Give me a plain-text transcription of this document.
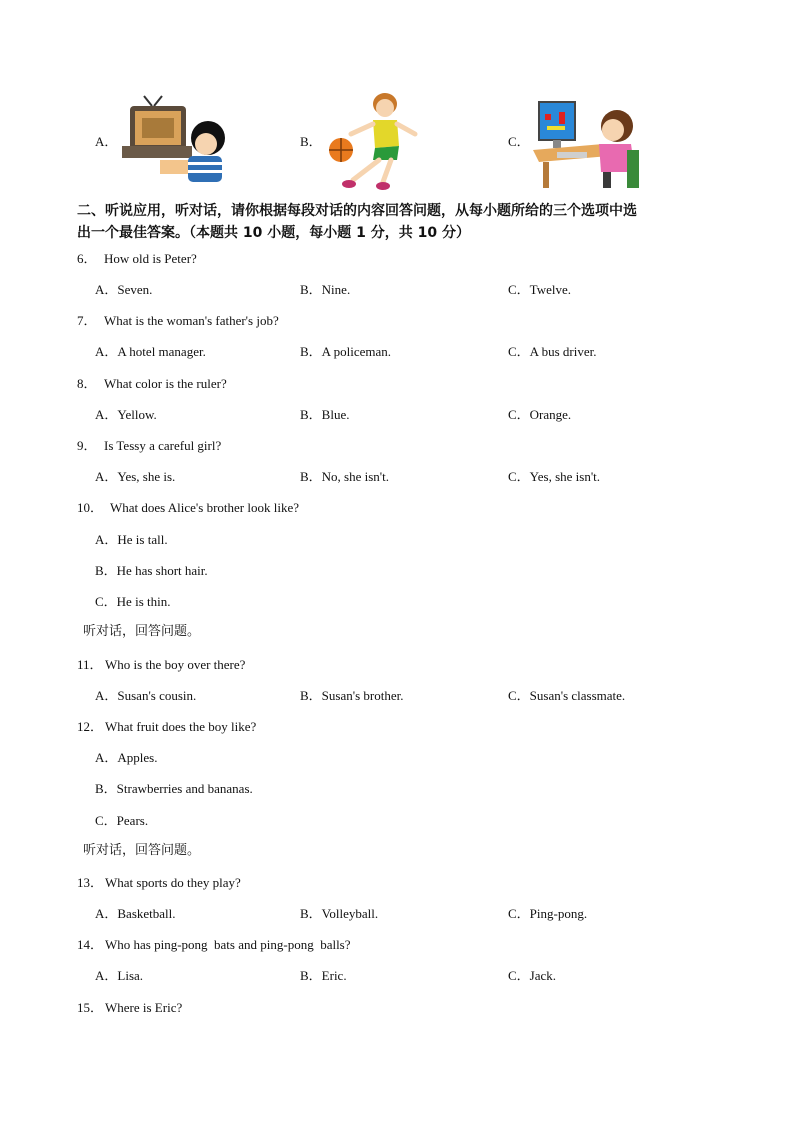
A．	B．	C．
二、听说应用，听对话，请你根据每段对话的内容回答问题，从每小题所给的三个选项中选
出一个最佳答案。（本题共 10 小题，每小题 1 分，共 10 分）
6． How old is Peter?
A．Seven.	B．Nine.	C．Twelve.
7． What is the woman's father's job?
A．A hotel manager.	B．A policeman.	C．A bus driver.
8． What color is the ruler?
A．Yellow.	B．Blue.	C．Orange.
9． Is Tessy a careful girl?
A．Yes, she is.	B．No, she isn't.	C．Yes, she isn't.
10． What does Alice's brother look like?
A．He is tall.
B．He has short hair.
C．He is thin.
听对话，回答问题。
11． Who is the boy over there?
A．Susan's cousin.	B．Susan's brother.	C．Susan's classmate.
12． What fruit does the boy like?
A．Apples.
B．Strawberries and bananas.
C．Pears.
听对话，回答问题。
13． What sports do they play?
A．Basketball.	B．Volleyball.	C．Ping-pong.
14． Who has ping-pong  bats and ping-pong  balls?
A．Lisa.	B．Eric.	C．Jack.
15． Where is Eric?
